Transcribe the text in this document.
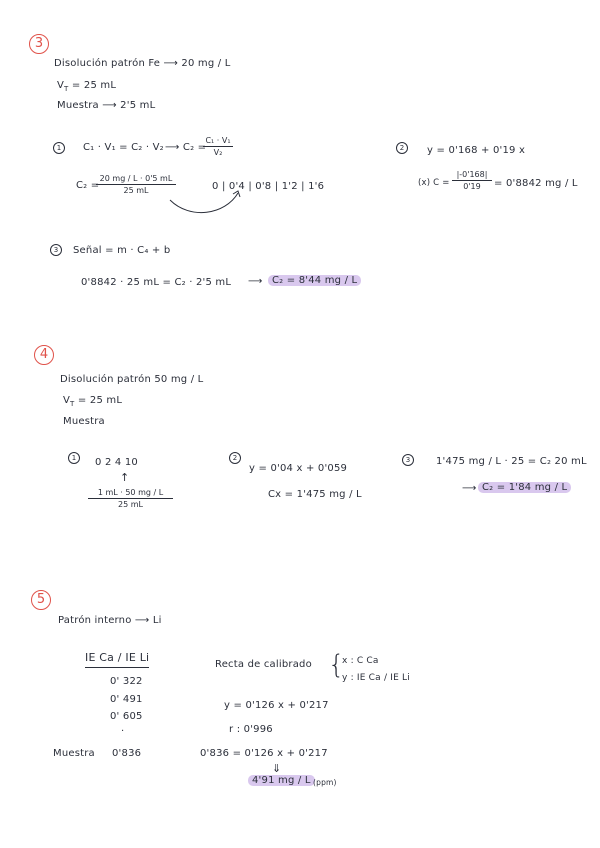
3
Disolución patrón Fe ⟶ 20 mg / L
$V_T = 25$ mL
Muestra ⟶ 2'5 mL
1	C₁ · V₁ = C₂ · V₂ ⟶ C₂ =
C₁ · V₁
V₂
C₂ =
20 mg / L · 0'5 mL
25 mL	0 | 0'4 | 0'8 | 1'2 | 1'6
2	y = 0'168 + 0'19 x
(x) C =
|-0'168|
0'19	= 0'8842 mg / L
3	Señal = m · C₄ + b
0'8842 · 25 mL = C₂ · 2'5 mL ⟶ C₂ = 8'44 mg / L
4
Disolución patrón 50 mg / L
$V_T = 25$ mL
Muestra
1	0 2 4 10
↑
1 mL · 50 mg / L
25 mL
2
y = 0'04 x + 0'059
Cx = 1'475 mg / L
3	1'475 mg / L · 25 = C₂ 20 mL
⟶ C₂ = 1'84 mg / L
5
Patrón interno ⟶ Li
IE Ca / IE Li
0' 322
0' 491
0' 605
·
Muestra 0'836
Recta de calibrado {
x : C Ca
y : IE Ca / IE Li
y = 0'126 x + 0'217
r : 0'996
0'836 = 0'126 x + 0'217
⇓
4'91 mg / L (ppm)
